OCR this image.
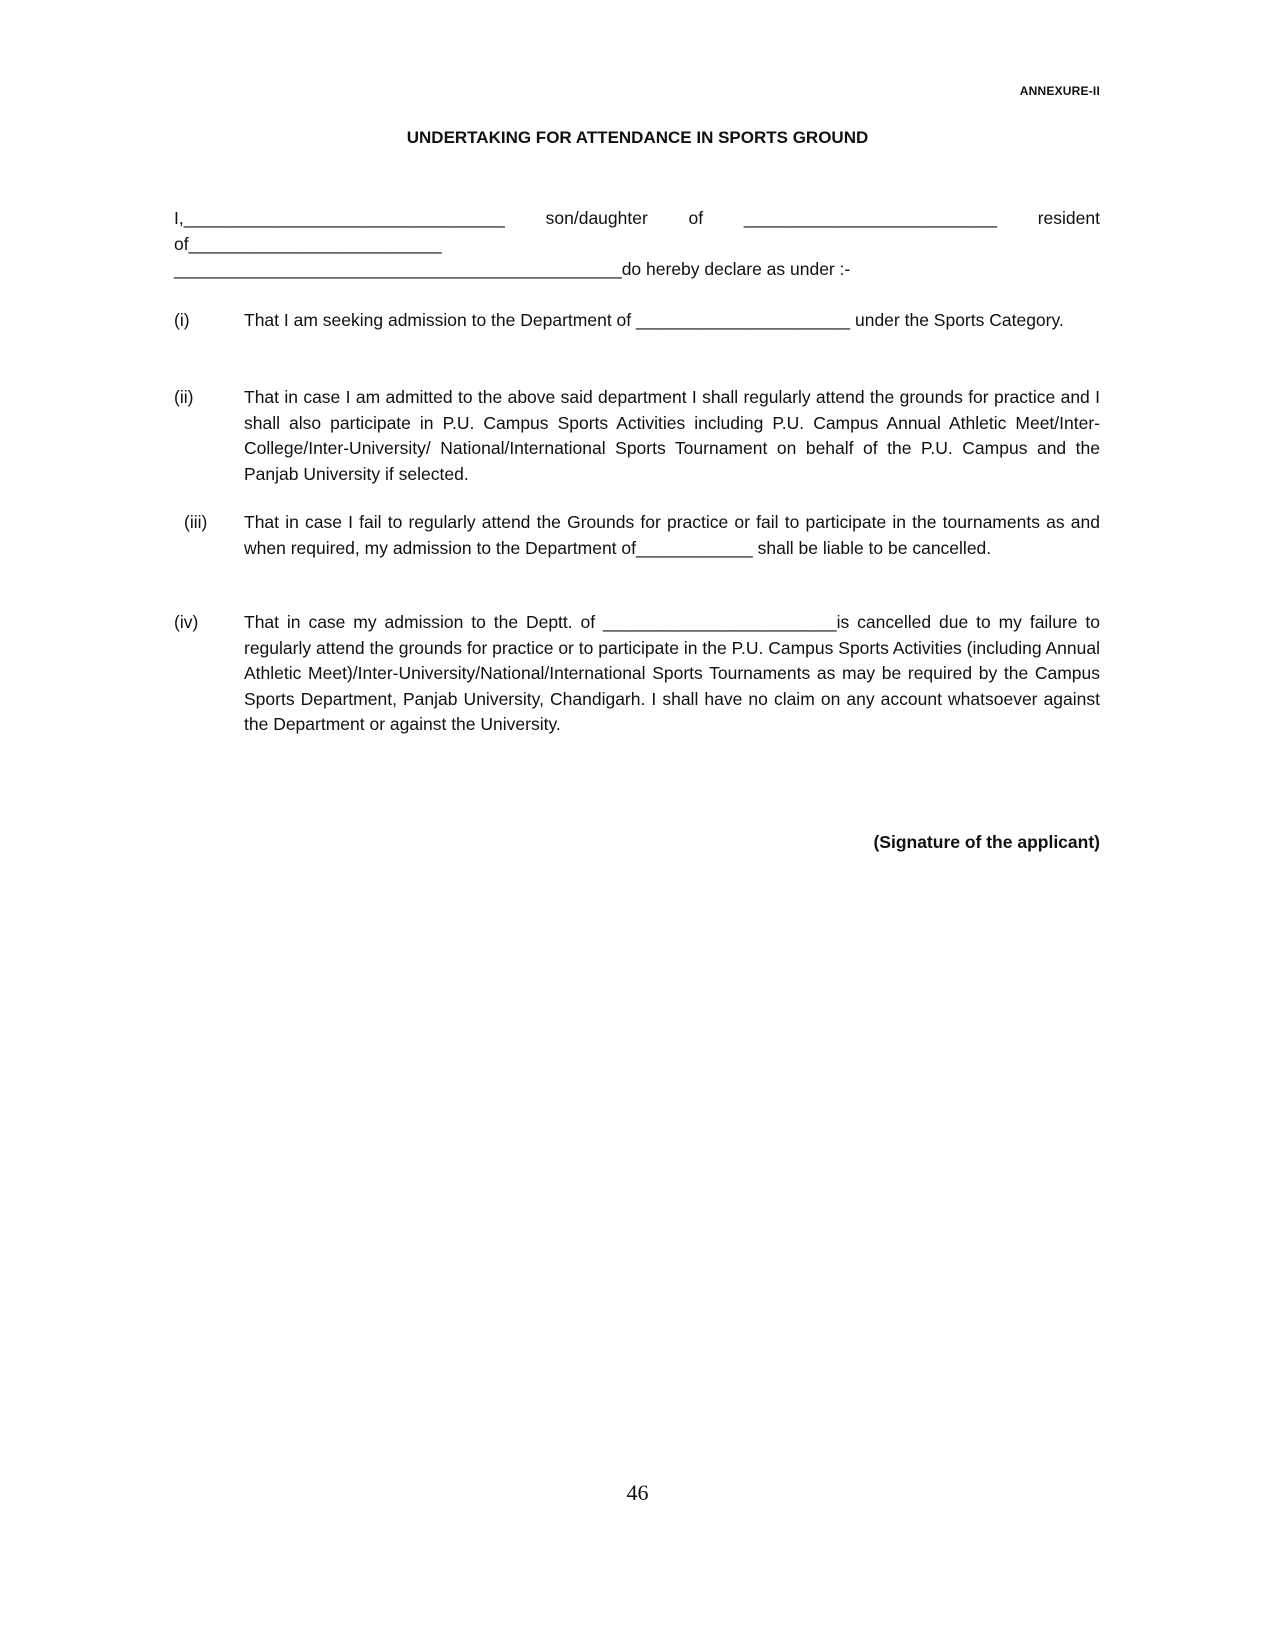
ANNEXURE-II
UNDERTAKING FOR ATTENDANCE IN SPORTS GROUND
I,_________________________________ son/daughter of __________________________ resident
of__________________________
______________________________________________do hereby declare as under :-
(i)	That I am seeking admission to the Department of ______________________ under the Sports Category.
(ii)	That in case I am admitted to the above said department I shall regularly attend the grounds for practice and I shall also participate in P.U. Campus Sports Activities including P.U. Campus Annual Athletic Meet/Inter-College/Inter-University/ National/International Sports Tournament on behalf of the P.U. Campus and the Panjab University if selected.
(iii) That in case I fail to regularly attend the Grounds for practice or fail to participate in the tournaments as and when required, my admission to the Department of____________ shall be liable to be cancelled.
(iv)	That in case my admission to the Deptt. of ________________________is cancelled due to my failure to regularly attend the grounds for practice or to participate in the P.U. Campus Sports Activities (including Annual Athletic Meet)/Inter-University/National/International Sports Tournaments as may be required by the Campus Sports Department, Panjab University, Chandigarh. I shall have no claim on any account whatsoever against the Department or against the University.
(Signature of the applicant)
46
